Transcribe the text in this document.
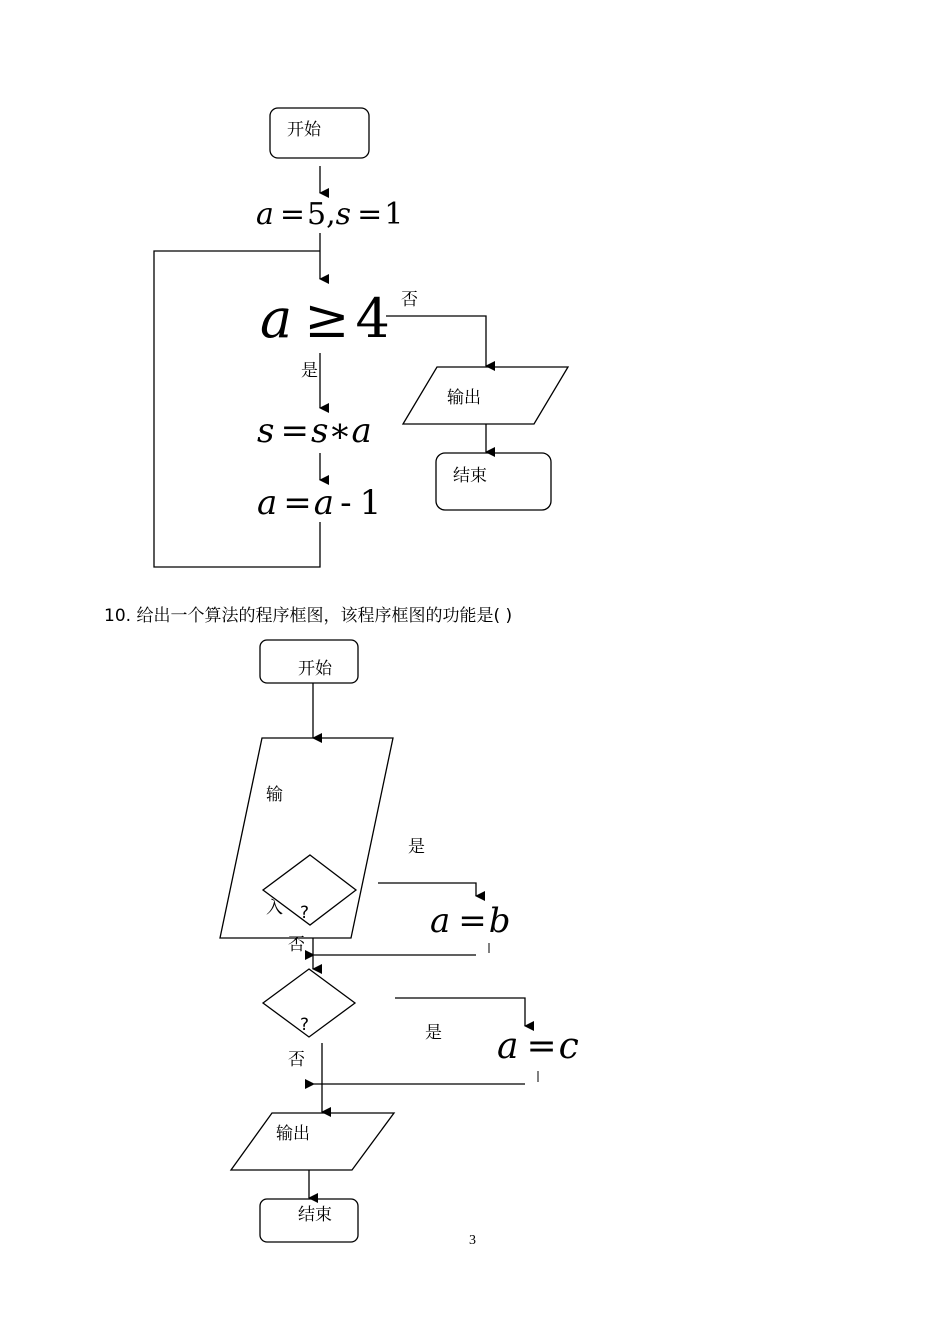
开始
a =5,s =1
a ≥ 4 否
是
s =s∗a
a =a - 1
输出
结束
开始
输
入 ?
是
a =b
否
?	是 a =c
否
输出
结束
10. 给出一个算法的程序框图，该程序框图的功能是( )
3
